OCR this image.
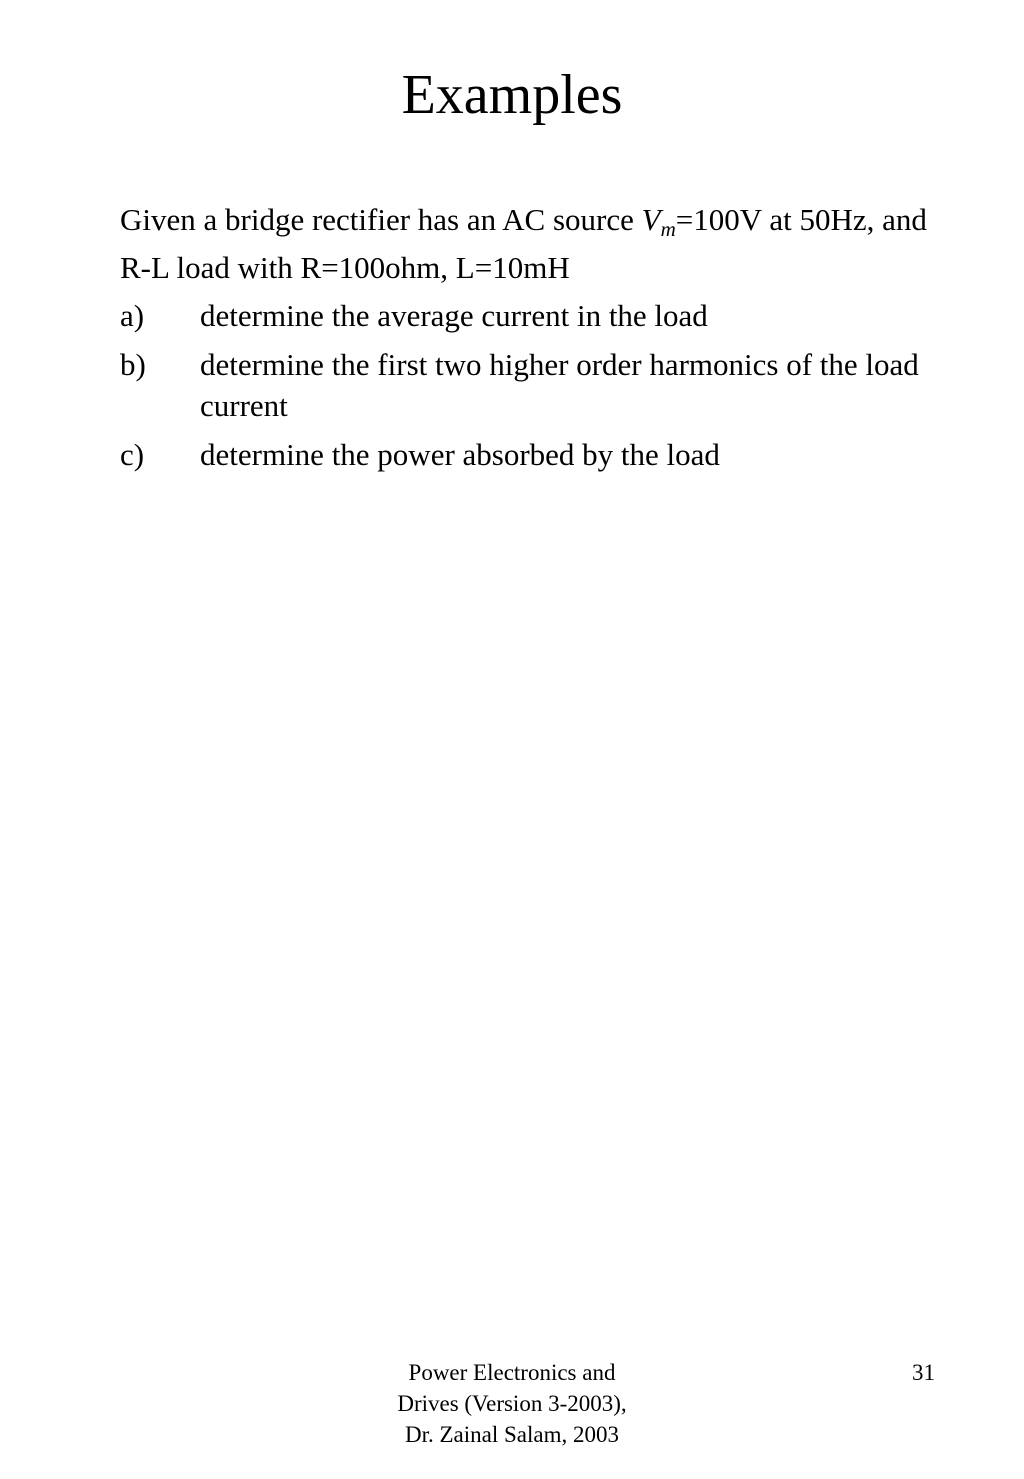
Examples
Given a bridge rectifier has an AC source $V_m=100V$ at 50Hz, and R-L load with R=100ohm, L=10mH
a)	determine the average current in the load
b)	determine the first two higher order harmonics of the load current
c)	determine the power absorbed by the load
Power Electronics and
Drives (Version 3-2003),
Dr. Zainal Salam, 2003
31
